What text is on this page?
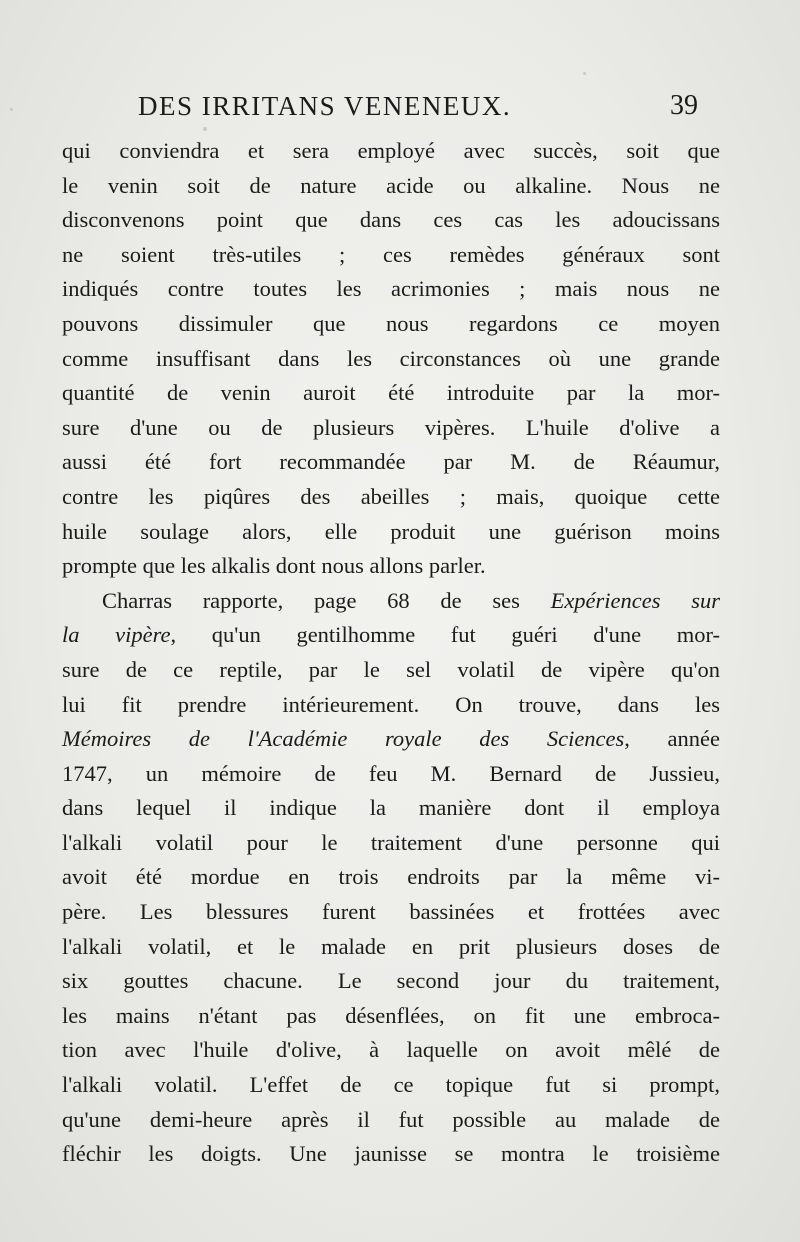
DES IRRITANS VENENEUX.	39
qui conviendra et sera employé avec succès, soit que
le venin soit de nature acide ou alkaline. Nous ne
disconvenons point que dans ces cas les adoucissans
ne soient très-utiles ; ces remèdes généraux sont
indiqués contre toutes les acrimonies ; mais nous ne
pouvons dissimuler que nous regardons ce moyen
comme insuffisant dans les circonstances où une grande
quantité de venin auroit été introduite par la mor-
sure d'une ou de plusieurs vipères. L'huile d'olive a
aussi été fort recommandée par M. de Réaumur,
contre les piqûres des abeilles ; mais, quoique cette
huile soulage alors, elle produit une guérison moins
prompte que les alkalis dont nous allons parler.
Charras rapporte, page 68 de ses Expériences sur
la vipère, qu'un gentilhomme fut guéri d'une mor-
sure de ce reptile, par le sel volatil de vipère qu'on
lui fit prendre intérieurement. On trouve, dans les
Mémoires de l'Académie royale des Sciences, année
1747, un mémoire de feu M. Bernard de Jussieu,
dans lequel il indique la manière dont il employa
l'alkali volatil pour le traitement d'une personne qui
avoit été mordue en trois endroits par la même vi-
père. Les blessures furent bassinées et frottées avec
l'alkali volatil, et le malade en prit plusieurs doses de
six gouttes chacune. Le second jour du traitement,
les mains n'étant pas désenflées, on fit une embroca-
tion avec l'huile d'olive, à laquelle on avoit mêlé de
l'alkali volatil. L'effet de ce topique fut si prompt,
qu'une demi-heure après il fut possible au malade de
fléchir les doigts. Une jaunisse se montra le troisième
